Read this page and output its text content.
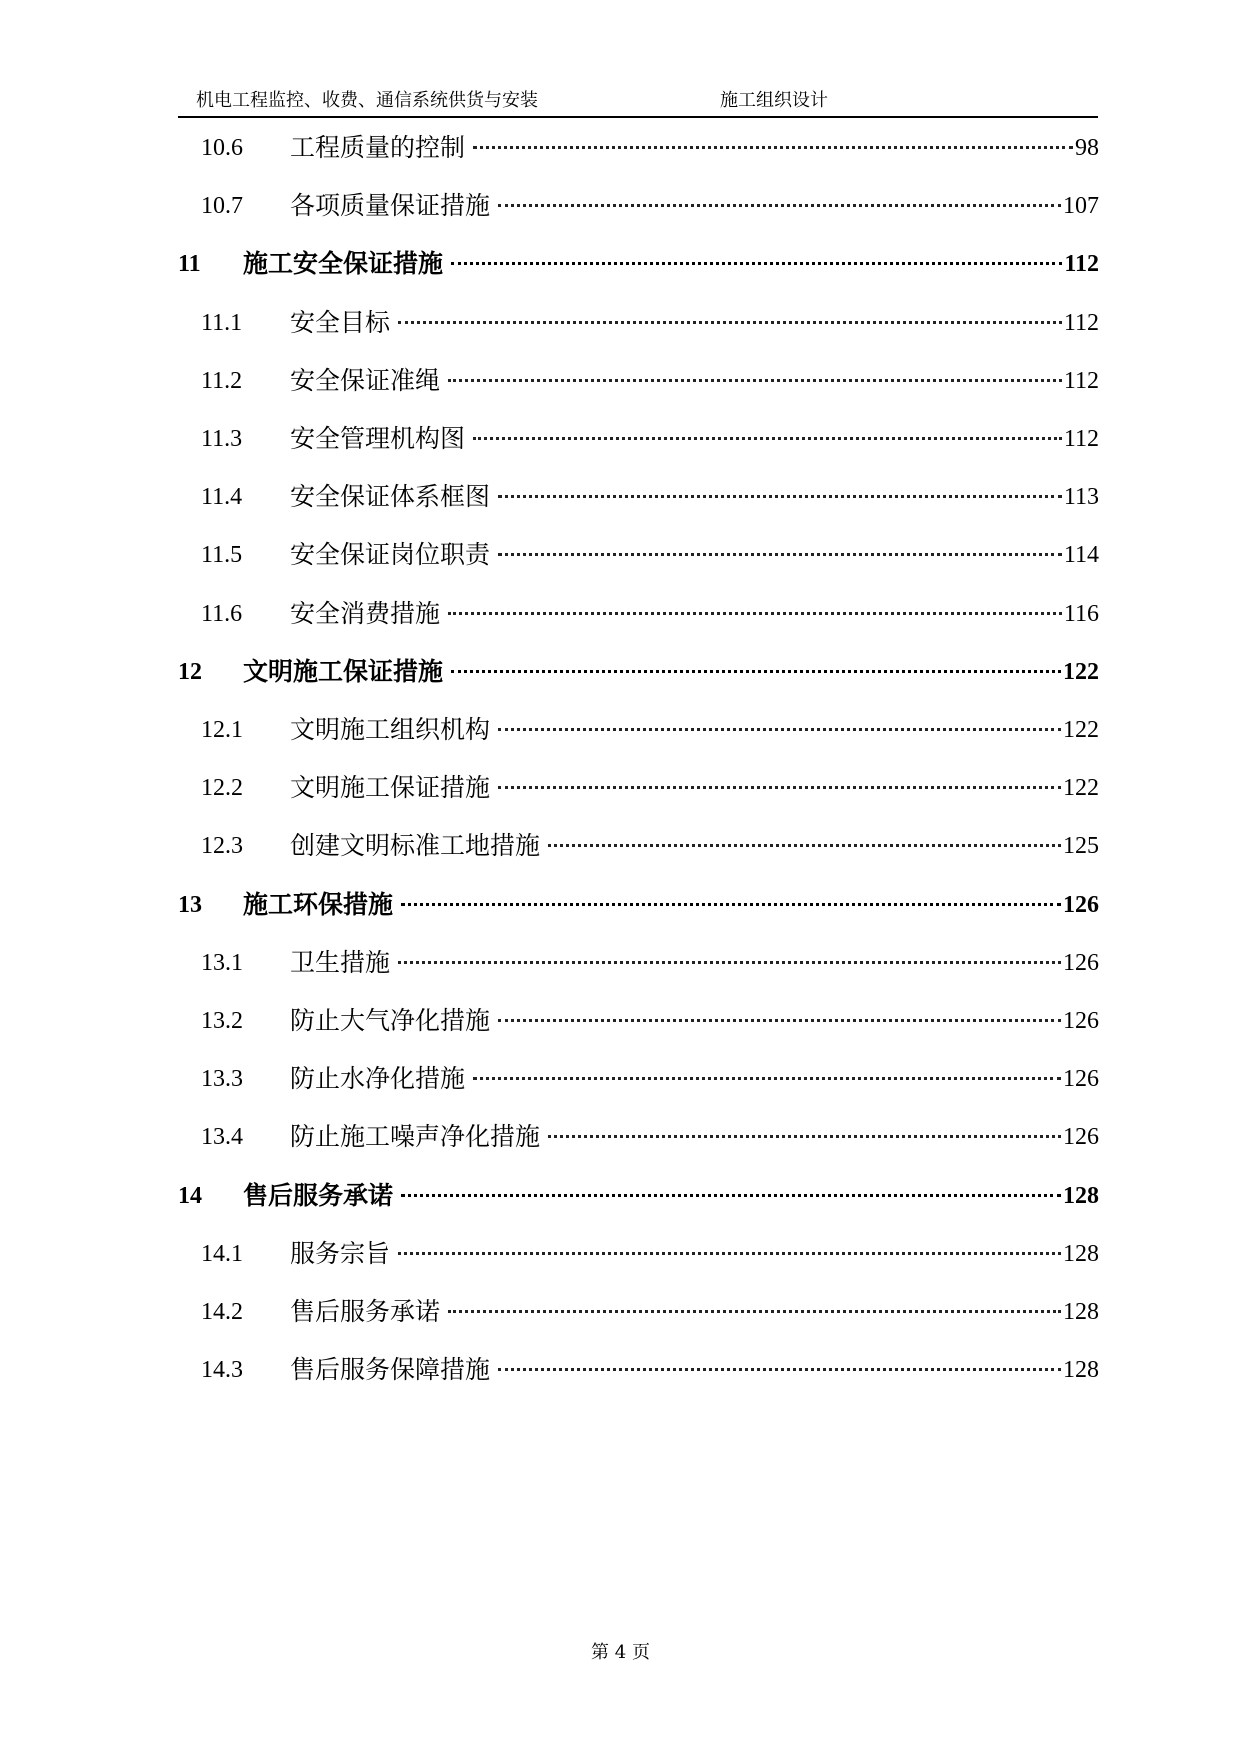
机电工程监控、收费、通信系统供货与安装	施工组织设计
10.6 工程质量的控制	98
10.7 各项质量保证措施	107
11 施工安全保证措施	112
11.1 安全目标	112
11.2 安全保证准绳	112
11.3 安全管理机构图	112
11.4 安全保证体系框图	113
11.5 安全保证岗位职责	114
11.6 安全消费措施	116
12 文明施工保证措施	122
12.1 文明施工组织机构	122
12.2 文明施工保证措施	122
12.3 创建文明标准工地措施	125
13 施工环保措施	126
13.1 卫生措施	126
13.2 防止大气净化措施	126
13.3 防止水净化措施	126
13.4 防止施工噪声净化措施	126
14 售后服务承诺	128
14.1 服务宗旨	128
14.2 售后服务承诺	128
14.3 售后服务保障措施	128
第 4 页
